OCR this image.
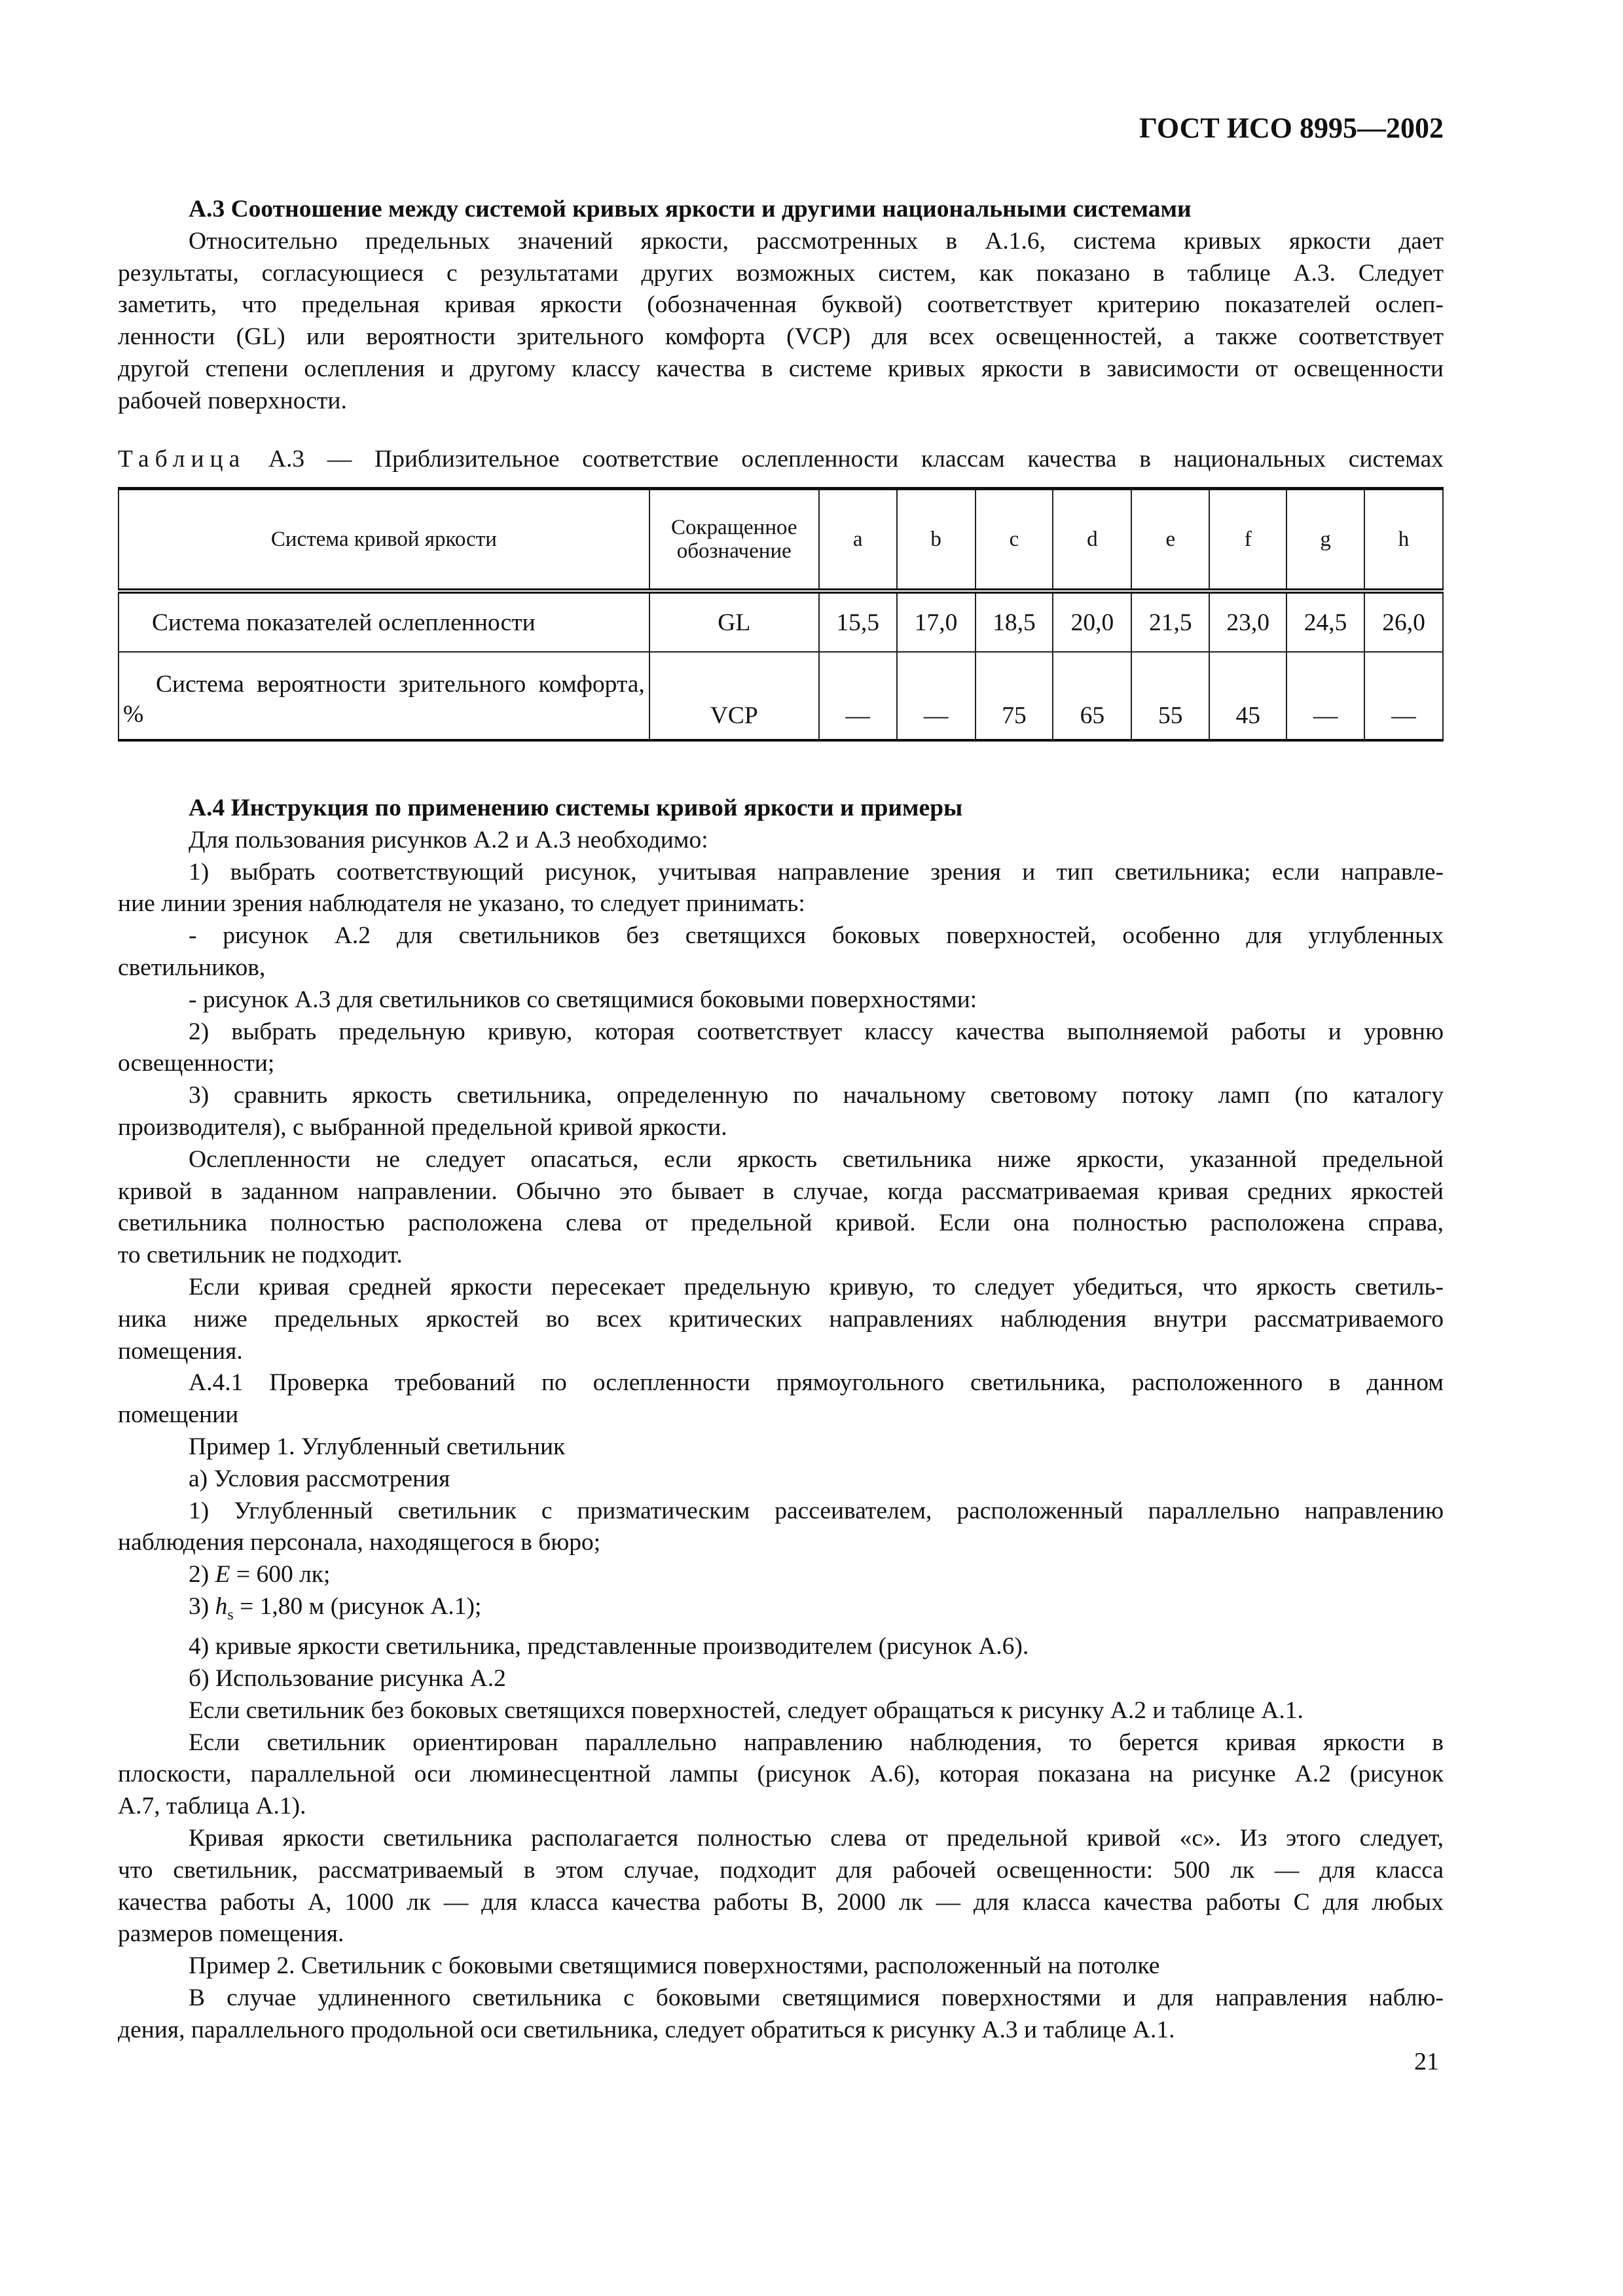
ГОСТ ИСО 8995—2002
А.3 Соотношение между системой кривых яркости и другими национальными системами
Относительно предельных значений яркости, рассмотренных в А.1.6, система кривых яркости дает
результаты, согласующиеся с результатами других возможных систем, как показано в таблице А.3. Следует
заметить, что предельная кривая яркости (обозначенная буквой) соответствует критерию показателей ослеп-
ленности (GL) или вероятности зрительного комфорта (VCP) для всех освещенностей, а также соответствует
другой степени ослепления и другому классу качества в системе кривых яркости в зависимости от освещенности
рабочей поверхности.
Таблица А.3 — Приблизительное соответствие ослепленности классам качества в национальных системах
Система кривой яркости	Сокращенное обозначение	a	b	c	d	e	f	g	h
Система показателей ослепленности	GL	15,5	17,0	18,5	20,0	21,5	23,0	24,5	26,0
Система вероятности зрительного комфорта, %	VCP	—	—	75	65	55	45	—	—
А.4 Инструкция по применению системы кривой яркости и примеры
Для пользования рисунков А.2 и А.3 необходимо:
1) выбрать соответствующий рисунок, учитывая направление зрения и тип светильника; если направле-
ние линии зрения наблюдателя не указано, то следует принимать:
- рисунок А.2 для светильников без светящихся боковых поверхностей, особенно для углубленных
светильников,
- рисунок А.3 для светильников со светящимися боковыми поверхностями:
2) выбрать предельную кривую, которая соответствует классу качества выполняемой работы и уровню
освещенности;
3) сравнить яркость светильника, определенную по начальному световому потоку ламп (по каталогу
производителя), с выбранной предельной кривой яркости.
Ослепленности не следует опасаться, если яркость светильника ниже яркости, указанной предельной
кривой в заданном направлении. Обычно это бывает в случае, когда рассматриваемая кривая средних яркостей
светильника полностью расположена слева от предельной кривой. Если она полностью расположена справа,
то светильник не подходит.
Если кривая средней яркости пересекает предельную кривую, то следует убедиться, что яркость светиль-
ника ниже предельных яркостей во всех критических направлениях наблюдения внутри рассматриваемого
помещения.
А.4.1 Проверка требований по ослепленности прямоугольного светильника, расположенного в данном
помещении
Пример 1. Углубленный светильник
а) Условия рассмотрения
1) Углубленный светильник с призматическим рассеивателем, расположенный параллельно направлению
наблюдения персонала, находящегося в бюро;
2) E = 600 лк;
3) $h_s = 1,80$ м (рисунок А.1);
4) кривые яркости светильника, представленные производителем (рисунок А.6).
б) Использование рисунка А.2
Если светильник без боковых светящихся поверхностей, следует обращаться к рисунку А.2 и таблице А.1.
Если светильник ориентирован параллельно направлению наблюдения, то берется кривая яркости в
плоскости, параллельной оси люминесцентной лампы (рисунок А.6), которая показана на рисунке А.2 (рисунок
А.7, таблица А.1).
Кривая яркости светильника располагается полностью слева от предельной кривой «с». Из этого следует,
что светильник, рассматриваемый в этом случае, подходит для рабочей освещенности: 500 лк — для класса
качества работы А, 1000 лк — для класса качества работы В, 2000 лк — для класса качества работы С для любых
размеров помещения.
Пример 2. Светильник с боковыми светящимися поверхностями, расположенный на потолке
В случае удлиненного светильника с боковыми светящимися поверхностями и для направления наблю-
дения, параллельного продольной оси светильника, следует обратиться к рисунку А.3 и таблице А.1.
21
